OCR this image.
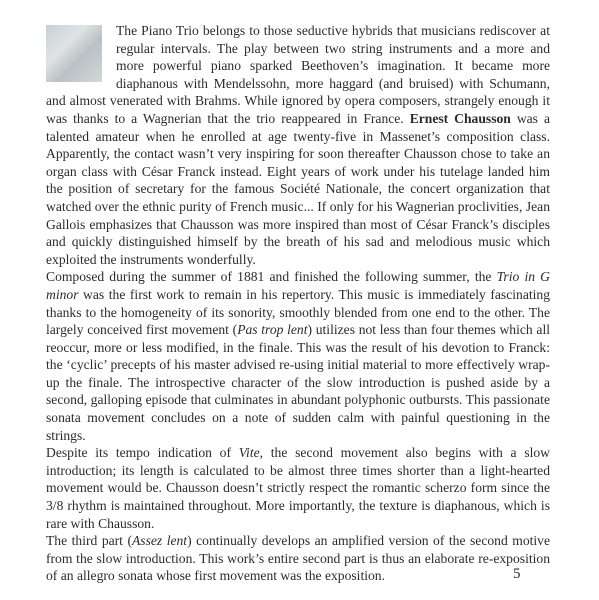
The Piano Trio belongs to those seductive hybrids that musicians rediscover at regular intervals. The play between two string instruments and a more and more powerful piano sparked Beethoven’s imagination. It became more diaphanous with Mendelssohn, more haggard (and bruised) with Schumann, and almost venerated with Brahms. While ignored by opera composers, strangely enough it was thanks to a Wagnerian that the trio reappeared in France. Ernest Chausson was a talented amateur when he enrolled at age twenty-five in Massenet’s composition class. Apparently, the contact wasn’t very inspiring for soon thereafter Chausson chose to take an organ class with César Franck instead. Eight years of work under his tutelage landed him the position of secretary for the famous Société Nationale, the concert organization that watched over the ethnic purity of French music... If only for his Wagnerian proclivities, Jean Gallois emphasizes that Chausson was more inspired than most of César Franck’s disciples and quickly distinguished himself by the breath of his sad and melodious music which exploited the instruments wonderfully.

Composed during the summer of 1881 and finished the following summer, the Trio in G minor was the first work to remain in his repertory. This music is immediately fascinating thanks to the homogeneity of its sonority, smoothly blended from one end to the other. The largely conceived first movement (Pas trop lent) utilizes not less than four themes which all reoccur, more or less modified, in the finale. This was the result of his devotion to Franck: the ‘cyclic’ precepts of his master advised re-using initial material to more effectively wrap-up the finale. The introspective character of the slow introduction is pushed aside by a second, galloping episode that culminates in abundant polyphonic outbursts. This passionate sonata movement concludes on a note of sudden calm with painful questioning in the strings.

Despite its tempo indication of Vite, the second movement also begins with a slow introduction; its length is calculated to be almost three times shorter than a light-hearted movement would be. Chausson doesn’t strictly respect the romantic scherzo form since the 3/8 rhythm is maintained throughout. More importantly, the texture is diaphanous, which is rare with Chausson.

The third part (Assez lent) continually develops an amplified version of the second motive from the slow introduction. This work’s entire second part is thus an elaborate re-exposition of an allegro sonata whose first movement was the exposition.	5
